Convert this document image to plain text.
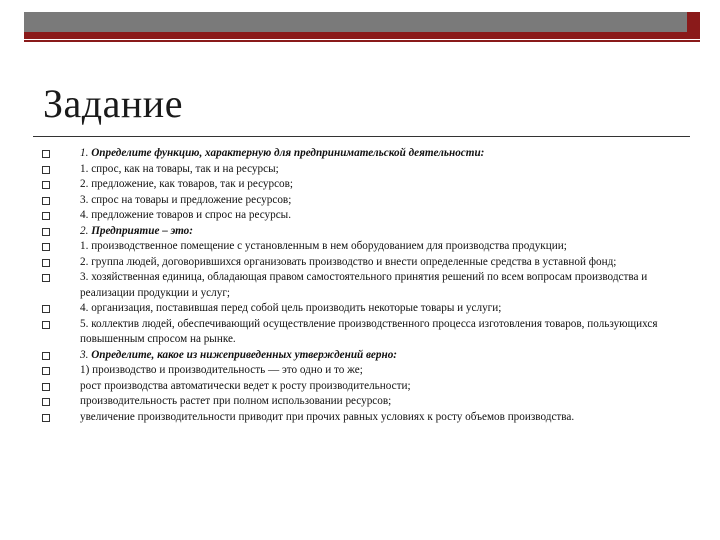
Задание
1. Определите функцию, характерную для предпринимательской деятельности:
1. спрос, как на товары, так и на ресурсы;
2. предложение, как товаров, так и ресурсов;
3. спрос на товары и предложение ресурсов;
4. предложение товаров и спрос на ресурсы.
2. Предприятие – это:
1. производственное помещение с установленным в нем оборудованием для производства продукции;
2. группа людей, договорившихся организовать производство и внести определенные средства в уставной фонд;
3. хозяйственная единица, обладающая правом самостоятельного принятия решений по всем вопросам производства и реализации продукции и услуг;
4. организация, поставившая перед собой цель производить некоторые товары и услуги;
5. коллектив людей, обеспечивающий осуществление производственного процесса изготовления товаров, пользующихся повышенным спросом на рынке.
3. Определите, какое из нижеприведенных утверждений верно:
1) производство и производительность — это одно и то же;
рост производства автоматически ведет к росту производительности;
производительность растет при полном использовании ресурсов;
увеличение производительности приводит при прочих равных условиях к росту объемов производства.
